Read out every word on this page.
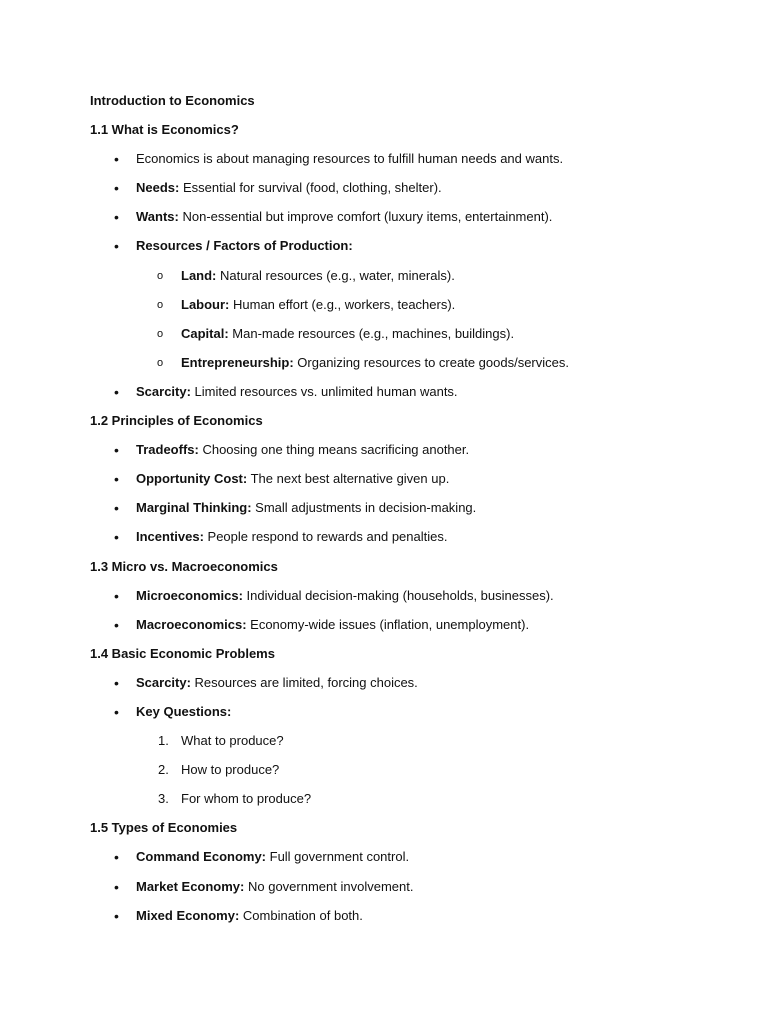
Introduction to Economics
1.1 What is Economics?
• Economics is about managing resources to fulfill human needs and wants.
• Needs: Essential for survival (food, clothing, shelter).
• Wants: Non-essential but improve comfort (luxury items, entertainment).
• Resources / Factors of Production:
o Land: Natural resources (e.g., water, minerals).
o Labour: Human effort (e.g., workers, teachers).
o Capital: Man-made resources (e.g., machines, buildings).
o Entrepreneurship: Organizing resources to create goods/services.
• Scarcity: Limited resources vs. unlimited human wants.
1.2 Principles of Economics
• Tradeoffs: Choosing one thing means sacrificing another.
• Opportunity Cost: The next best alternative given up.
• Marginal Thinking: Small adjustments in decision-making.
• Incentives: People respond to rewards and penalties.
1.3 Micro vs. Macroeconomics
• Microeconomics: Individual decision-making (households, businesses).
• Macroeconomics: Economy-wide issues (inflation, unemployment).
1.4 Basic Economic Problems
• Scarcity: Resources are limited, forcing choices.
• Key Questions:
1. What to produce?
2. How to produce?
3. For whom to produce?
1.5 Types of Economies
• Command Economy: Full government control.
• Market Economy: No government involvement.
• Mixed Economy: Combination of both.
